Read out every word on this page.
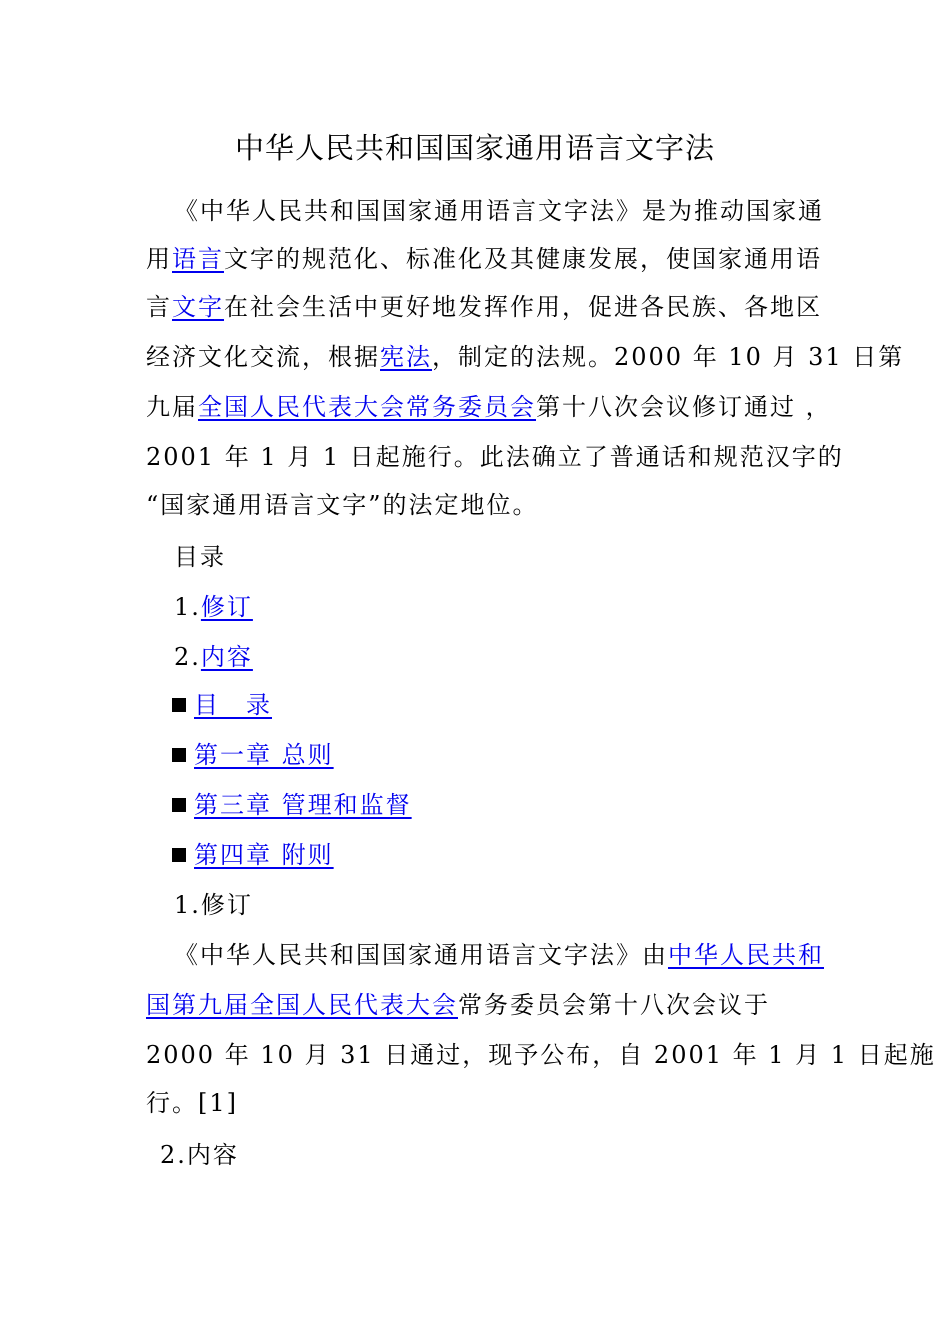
中华人民共和国国家通用语言文字法
《中华人民共和国国家通用语言文字法》是为推动国家通
用语言文字的规范化、标准化及其健康发展，使国家通用语
言文字在社会生活中更好地发挥作用，促进各民族、各地区
经济文化交流，根据宪法，制定的法规。2000 年 10 月 31 日第
九届全国人民代表大会常务委员会第十八次会议修订通过 ，
2001 年 1 月 1 日起施行。此法确立了普通话和规范汉字的
“国家通用语言文字”的法定地位。
目录
1.修订
2.内容
目　录
第一章 总则
第三章 管理和监督
第四章 附则
1.修订
《中华人民共和国国家通用语言文字法》由中华人民共和
国第九届全国人民代表大会常务委员会第十八次会议于
2000 年 10 月 31 日通过，现予公布，自 2001 年 1 月 1 日起施
行。[1]
2.内容
